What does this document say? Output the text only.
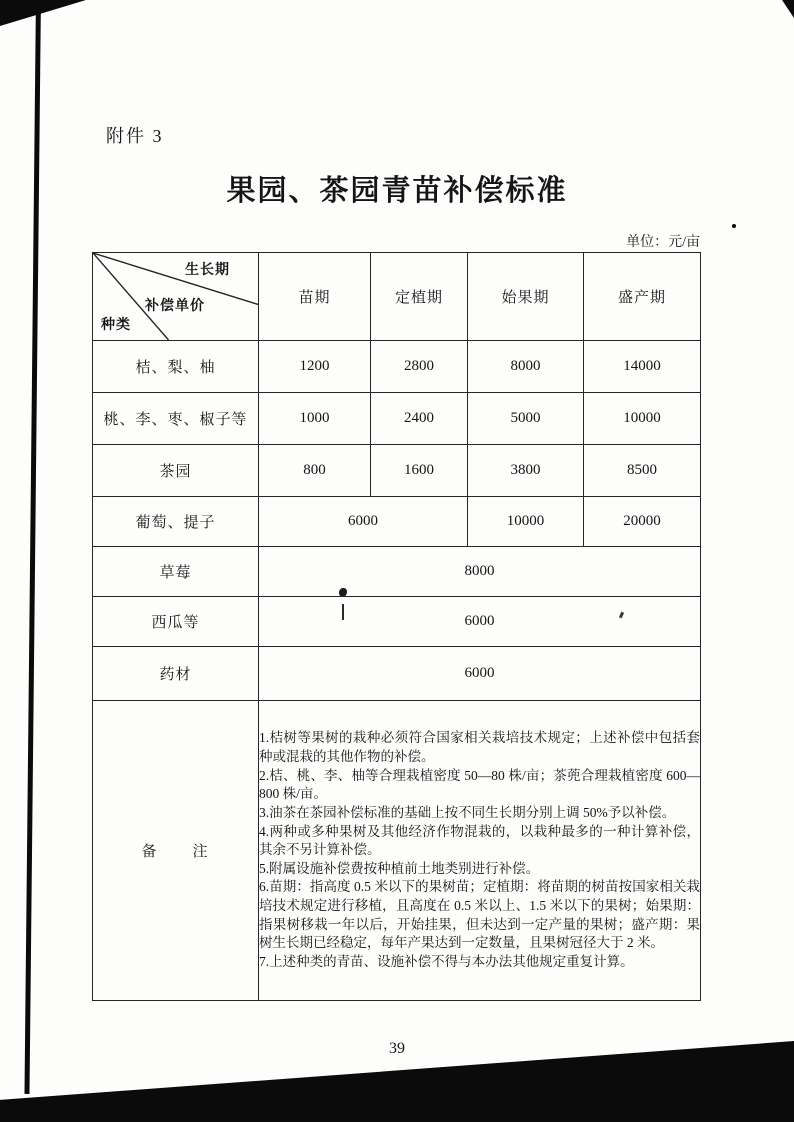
附件 3
果园、茶园青苗补偿标准
单位：元/亩
生长期
补偿单价
种类	苗期	定植期	始果期	盛产期
桔、梨、柚	1200	2800	8000	14000
桃、李、枣、椒子等	1000	2400	5000	10000
茶园	800	1600	3800	8500
葡萄、提子	6000		10000	20000
草莓	8000			
西瓜等	6000			
药材	6000			
备　　注	

1.桔树等果树的栽种必须符合国家相关栽培技术规定；上述补偿中包括套种或混栽的其他作物的补偿。

2.桔、桃、李、柚等合理栽植密度 50—80 株/亩；茶蔸合理栽植密度 600—800 株/亩。

3.油茶在茶园补偿标准的基础上按不同生长期分别上调 50%予以补偿。

4.两种或多种果树及其他经济作物混栽的，以栽种最多的一种计算补偿，其余不另计算补偿。

5.附属设施补偿费按种植前土地类别进行补偿。

6.苗期：指高度 0.5 米以下的果树苗；定植期：将苗期的树苗按国家相关栽培技术规定进行移植，且高度在 0.5 米以上、1.5 米以下的果树；始果期：指果树移栽一年以后，开始挂果，但未达到一定产量的果树；盛产期：果树生长期已经稳定，每年产果达到一定数量，且果树冠径大于 2 米。

7.上述种类的青苗、设施补偿不得与本办法其他规定重复计算。

39
